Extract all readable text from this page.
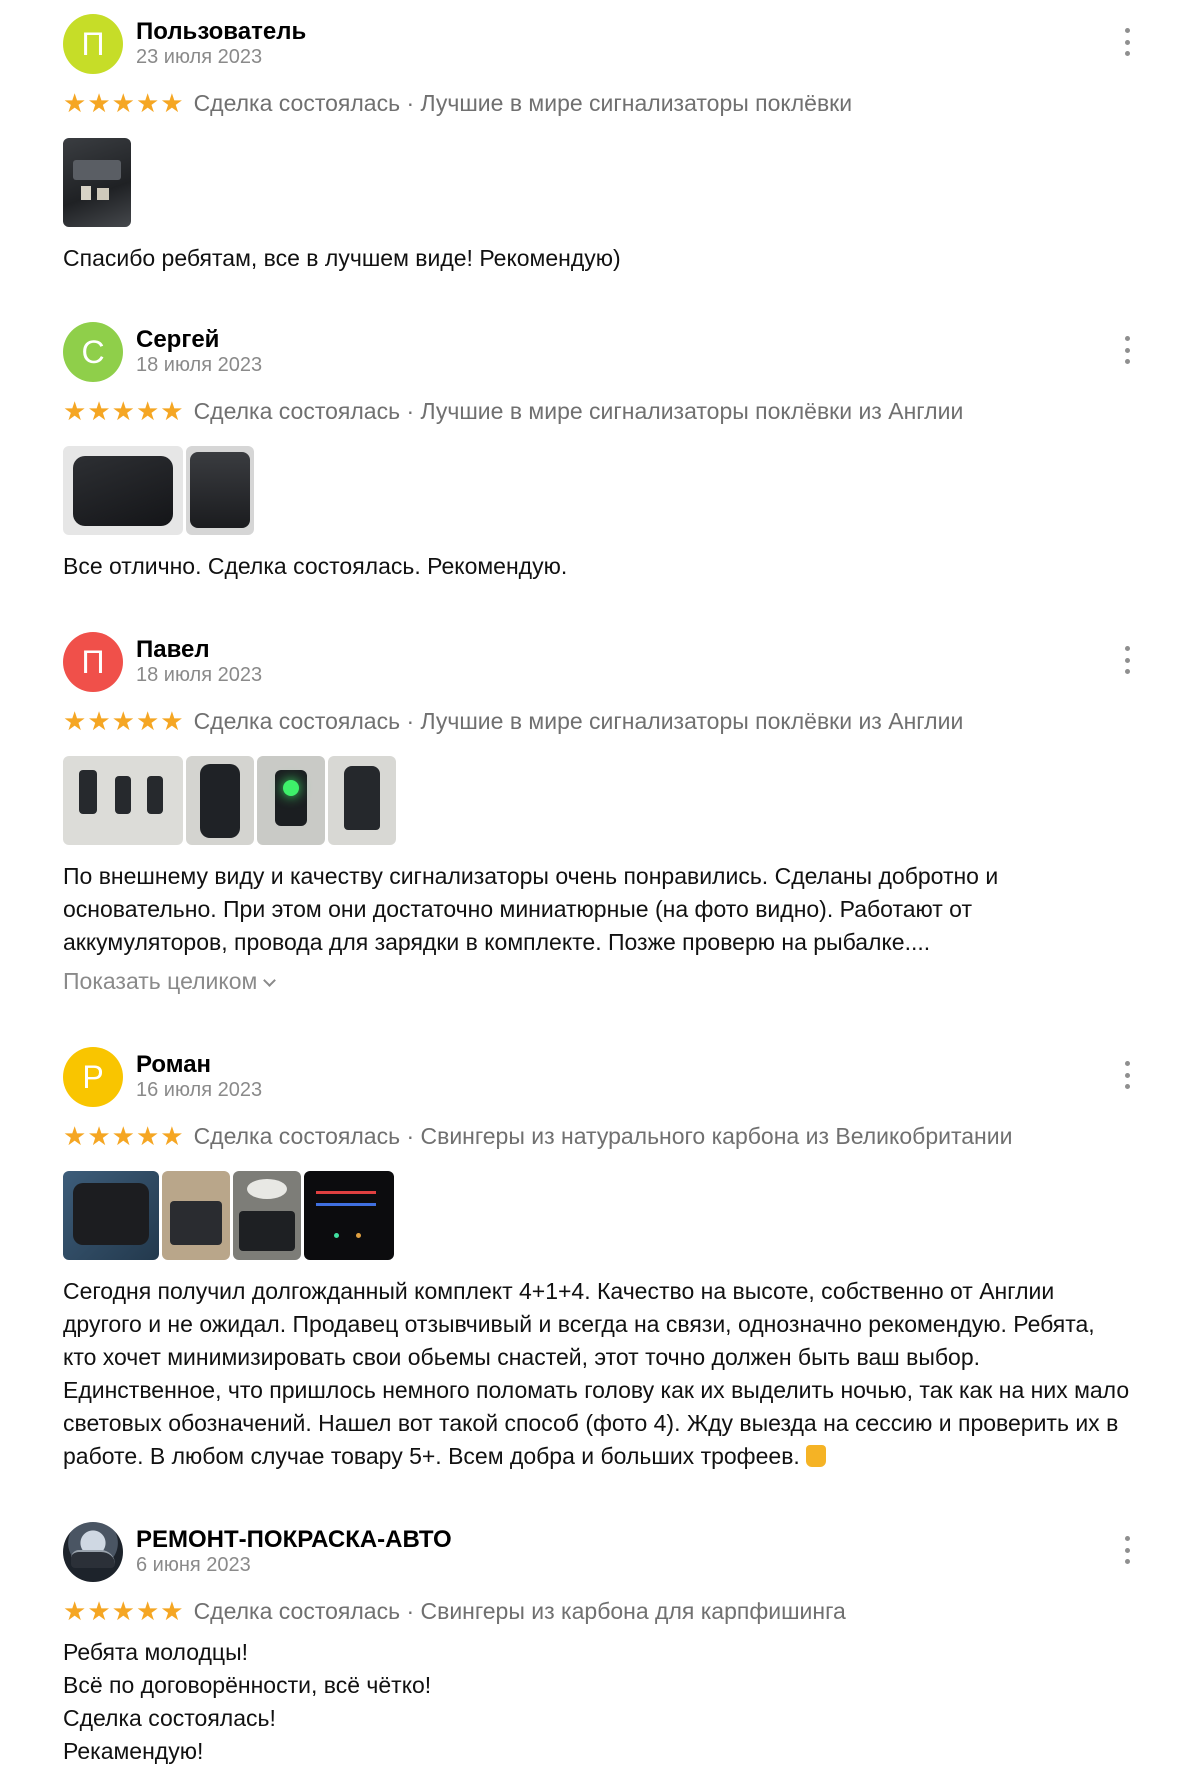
П	Пользователь
23 июля 2023
★ ★ ★ ★ ★ Сделка состоялась · Лучшие в мире сигнализаторы поклёвки
Спасибо ребятам, все в лучшем виде! Рекомендую)
С	Сергей
18 июля 2023
★ ★ ★ ★ ★ Сделка состоялась · Лучшие в мире сигнализаторы поклёвки из Англии
Все отлично. Сделка состоялась. Рекомендую.
П	Павел
18 июля 2023
★ ★ ★ ★ ★ Сделка состоялась · Лучшие в мире сигнализаторы поклёвки из Англии

По внешнему виду и качеству сигнализаторы очень понравились. Сделаны добротно и

основательно. При этом они достаточно миниатюрные (на фото видно). Работают от

аккумуляторов, провода для зарядки в комплекте. Позже проверю на рыбалке....

Показать целиком
Р	Роман
16 июля 2023
★ ★ ★ ★ ★ Сделка состоялась · Свингеры из натурального карбона из Великобритании

Сегодня получил долгожданный комплект 4+1+4. Качество на высоте, собственно от Англии

другого и не ожидал. Продавец отзывчивый и всегда на связи, однозначно рекомендую. Ребята,

кто хочет минимизировать свои обьемы снастей, этот точно должен быть ваш выбор.

Единственное, что пришлось немного поломать голову как их выделить ночью, так как на них мало

световых обозначений. Нашел вот такой способ (фото 4). Жду выезда на сессию и проверить их в

работе. В любом случае товару 5+. Всем добра и больших трофеев.

РЕМОНТ-ПОКРАСКА-АВТО
6 июня 2023
★ ★ ★ ★ ★ Сделка состоялась · Свингеры из карбона для карпфишинга

Ребята молодцы!

Всё по договорённости, всё чётко!

Сделка состоялась!

Рекамендую!
